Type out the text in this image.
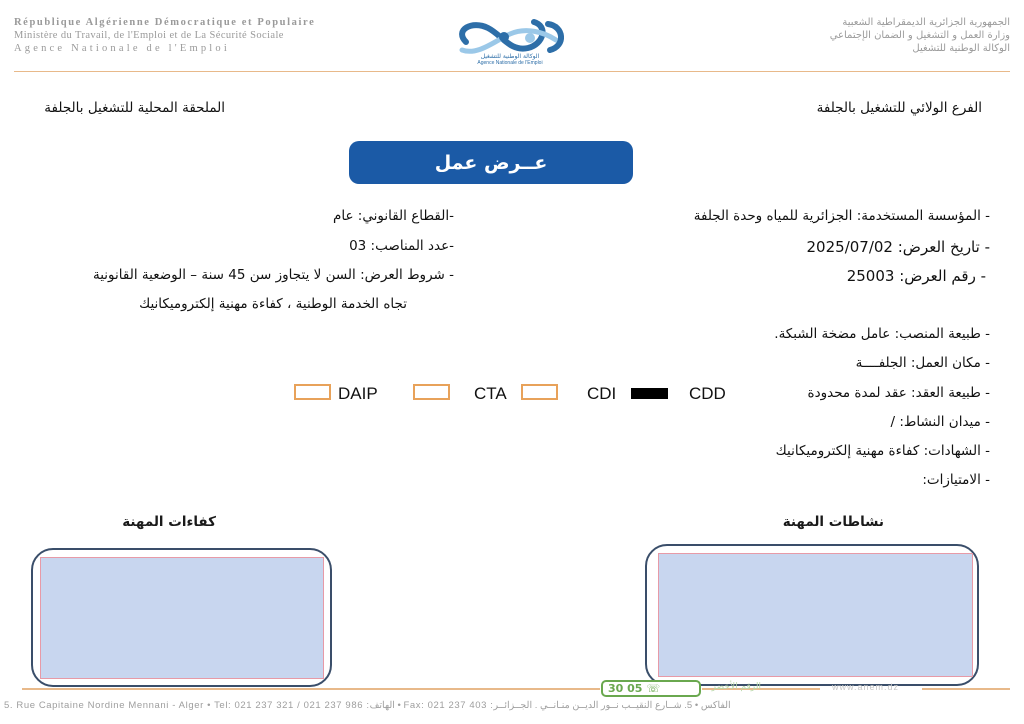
République Algérienne Démocratique et Populaire
Ministère du Travail, de l'Emploi et de La Sécurité Sociale
Agence Nationale de l'Emploi
الجمهورية الجزائرية الديمقراطية الشعبية
وزارة العمل و التشغيل و الضمان الإجتماعي
الوكالة الوطنية للتشغيل
الوكالة الوطنية للتشغيل
Agence Nationale de l'Emploi
الفرع الولائي للتشغيل بالجلفة
الملحقة المحلية للتشغيل بالجلفة
عــرض عمل
- المؤسسة المستخدمة: الجزائرية للمياه وحدة الجلفة
- تاريخ العرض: 2025/07/02
- رقم العرض: 25003
- طبيعة المنصب: عامل مضخة الشبكة.
- مكان العمل: الجلفــــة
- طبيعة العقد: عقد لمدة محدودة
- ميدان النشاط: /
- الشهادات: كفاءة مهنية إلكتروميكانيك
- الامتيازات:
-القطاع القانوني: عام
-عدد المناصب: 03
- شروط العرض: السن لا يتجاوز سن 45 سنة – الوضعية القانونية
تجاه الخدمة الوطنية ، كفاءة مهنية إلكتروميكانيك
CDD
CDI
CTA
DAIP
نشاطات المهنة
كفاءات المهنة
30 05 ☏	الرقم الأخضر	www.anem.dz
5. Rue Capitaine Nordine Mennani - Alger • Tel: 021 237 321 / 021 237 986 :الهاتف • Fax: 021 237 403 :الفاكس • 5. شــارع النقيــب نــور الديــن منـانــي . الجــزائــر
